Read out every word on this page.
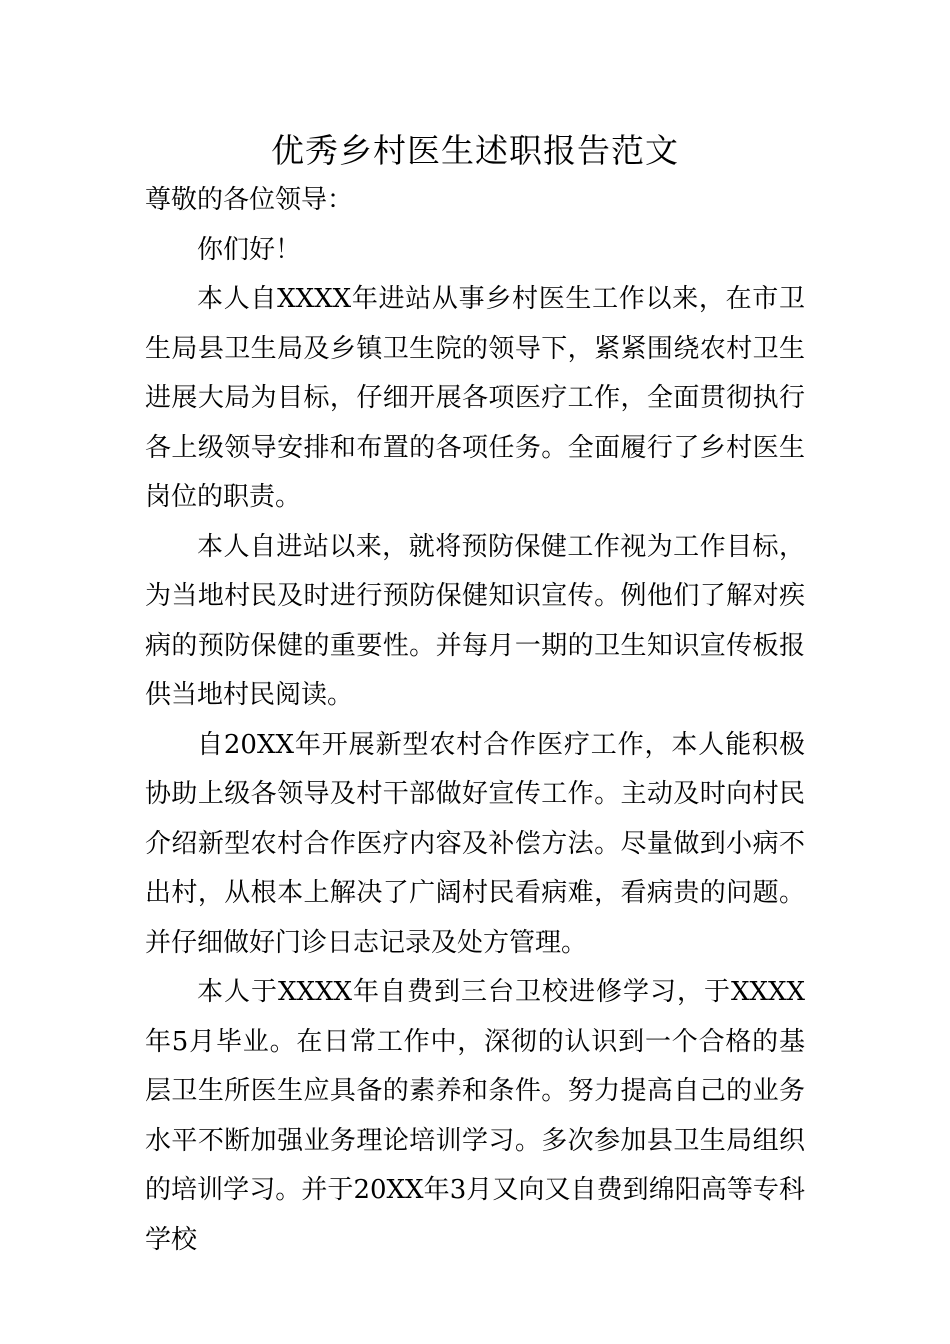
优秀乡村医生述职报告范文

尊敬的各位领导：

你们好！

本人自XXXX年进站从事乡村医生工作以来，在市卫生局县卫生局及乡镇卫生院的领导下，紧紧围绕农村卫生进展大局为目标，仔细开展各项医疗工作，全面贯彻执行各上级领导安排和布置的各项任务。全面履行了乡村医生岗位的职责。

本人自进站以来，就将预防保健工作视为工作目标，为当地村民及时进行预防保健知识宣传。例他们了解对疾病的预防保健的重要性。并每月一期的卫生知识宣传板报供当地村民阅读。

自20XX年开展新型农村合作医疗工作，本人能积极协助上级各领导及村干部做好宣传工作。主动及时向村民介绍新型农村合作医疗内容及补偿方法。尽量做到小病不出村，从根本上解决了广阔村民看病难，看病贵的问题。并仔细做好门诊日志记录及处方管理。

本人于XXXX年自费到三台卫校进修学习，于XXXX年5月毕业。在日常工作中，深彻的认识到一个合格的基层卫生所医生应具备的素养和条件。努力提高自己的业务水平不断加强业务理论培训学习。多次参加县卫生局组织的培训学习。并于20XX年3月又向又自费到绵阳高等专科学校
